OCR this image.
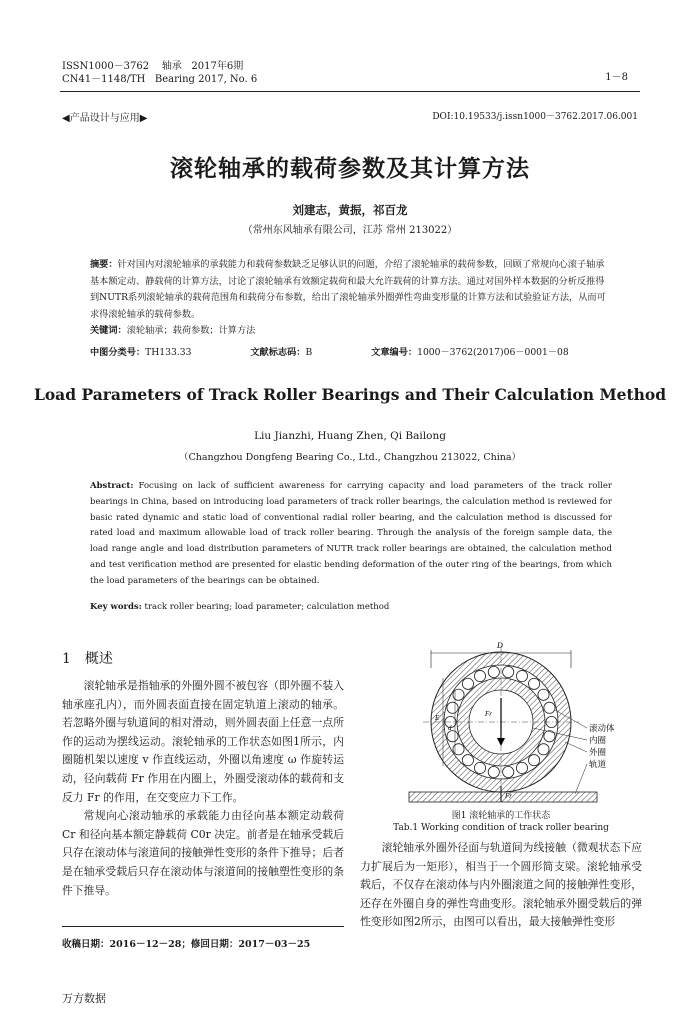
ISSN1000－3762 轴承 2017年6期
CN41－1148/TH Bearing 2017, No. 6	1－8
◀产品设计与应用▶	DOI:10.19533/j.issn1000－3762.2017.06.001
滚轮轴承的载荷参数及其计算方法
刘建志，黄振，祁百龙
（常州东风轴承有限公司，江苏 常州 213022）
摘要：针对国内对滚轮轴承的承载能力和载荷参数缺乏足够认识的问题，介绍了滚轮轴承的载荷参数，回顾了常规向心滚子轴承基本额定动、静载荷的计算方法，讨论了滚轮轴承有效额定载荷和最大允许载荷的计算方法。通过对国外样本数据的分析反推得到NUTR系列滚轮轴承的载荷范围角和载荷分布参数，给出了滚轮轴承外圈弹性弯曲变形量的计算方法和试验验证方法，从而可求得滚轮轴承的载荷参数。
关键词：滚轮轴承；载荷参数；计算方法
中图分类号：TH133.33	文献标志码：B	文章编号：1000－3762(2017)06－0001－08
Load Parameters of Track Roller Bearings and Their Calculation Method
Liu Jianzhi, Huang Zhen, Qi Bailong
（Changzhou Dongfeng Bearing Co., Ltd., Changzhou 213022, China）
Abstract: Focusing on lack of sufficient awareness for carrying capacity and load parameters of the track roller bearings in China, based on introducing load parameters of track roller bearings, the calculation method is reviewed for basic rated dynamic and static load of conventional radial roller bearing, and the calculation method is discussed for rated load and maximum allowable load of track roller bearing. Through the analysis of the foreign sample data, the load range angle and load distribution parameters of NUTR track roller bearings are obtained, the calculation method and test verification method are presented for elastic bending deformation of the outer ring of the bearings, from which the load parameters of the bearings can be obtained.
Key words: track roller bearing; load parameter; calculation method
1 概述

滚轮轴承是指轴承的外圈外圆不被包容（即外圈不装入轴承座孔内），而外圆表面直接在固定轨道上滚动的轴承。若忽略外圈与轨道间的相对滑动，则外圆表面上任意一点所作的运动为摆线运动。滚轮轴承的工作状态如图1所示，内圈随机架以速度 v 作直线运动，外圈以角速度 ω 作旋转运动，径向载荷 Fr 作用在内圈上，外圈受滚动体的载荷和支反力 Fr 的作用，在交变应力下工作。

常规向心滚动轴承的承载能力由径向基本额定动载荷 Cr 和径向基本额定静载荷 C0r 决定。前者是在轴承受载后只存在滚动体与滚道间的接触弹性变形的条件下推导；后者是在轴承受载后只存在滚动体与滚道间的接触塑性变形的条件下推导。

收稿日期：2016－12－28；修回日期：2017－03－25
D
E
d
Fr
Fr
滚动体
内圈
外圈
轨道
图1 滚轮轴承的工作状态
Tab.1 Working condition of track roller bearing

滚轮轴承外圈外径面与轨道间为线接触（微观状态下应力扩展后为一矩形），相当于一个圆形简支梁。滚轮轴承受载后，不仅存在滚动体与内外圈滚道之间的接触弹性变形，还存在外圈自身的弹性弯曲变形。滚轮轴承外圈受载后的弹性变形如图2所示，由图可以看出，最大接触弹性变形

万方数据
